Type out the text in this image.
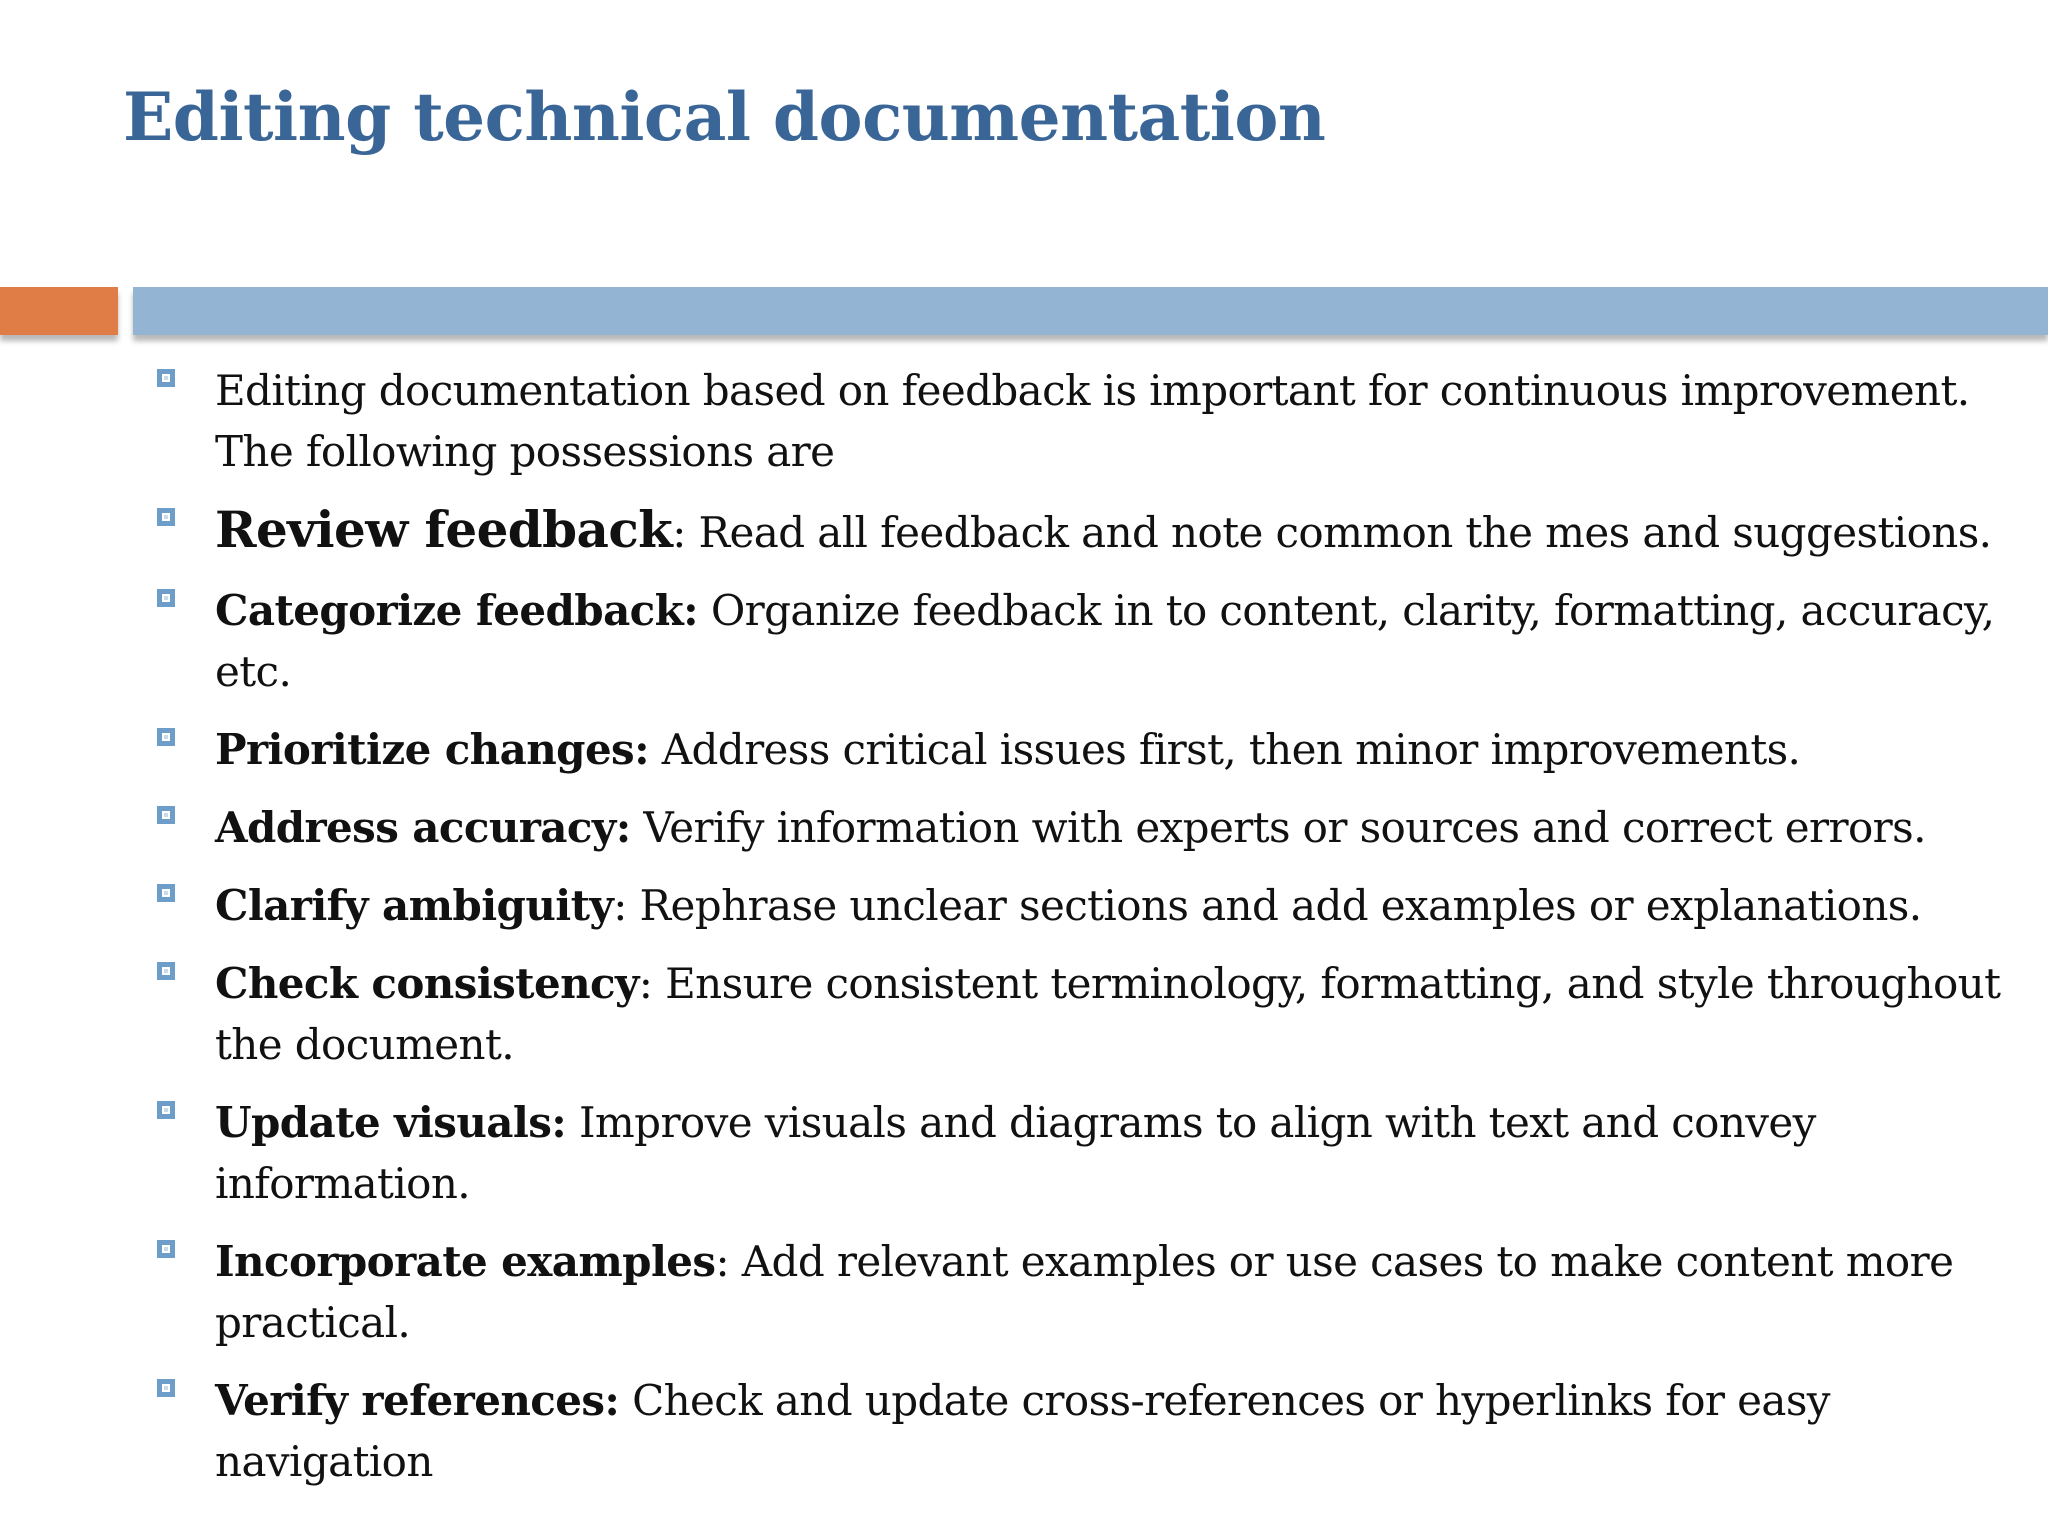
Editing technical documentation
Editing documentation based on feedback is important for continuous improvement. The following possessions are
Review feedback: Read all feedback and note common the mes and suggestions.
Categorize feedback: Organize feedback in to content, clarity, formatting, accuracy, etc.
Prioritize changes: Address critical issues first, then minor improvements.
Address accuracy: Verify information with experts or sources and correct errors.
Clarify ambiguity: Rephrase unclear sections and add examples or explanations.
Check consistency: Ensure consistent terminology, formatting, and style throughout the document.
Update visuals: Improve visuals and diagrams to align with text and convey information.
Incorporate examples: Add relevant examples or use cases to make content more practical.
Verify references: Check and update cross-references or hyperlinks for easy navigation
